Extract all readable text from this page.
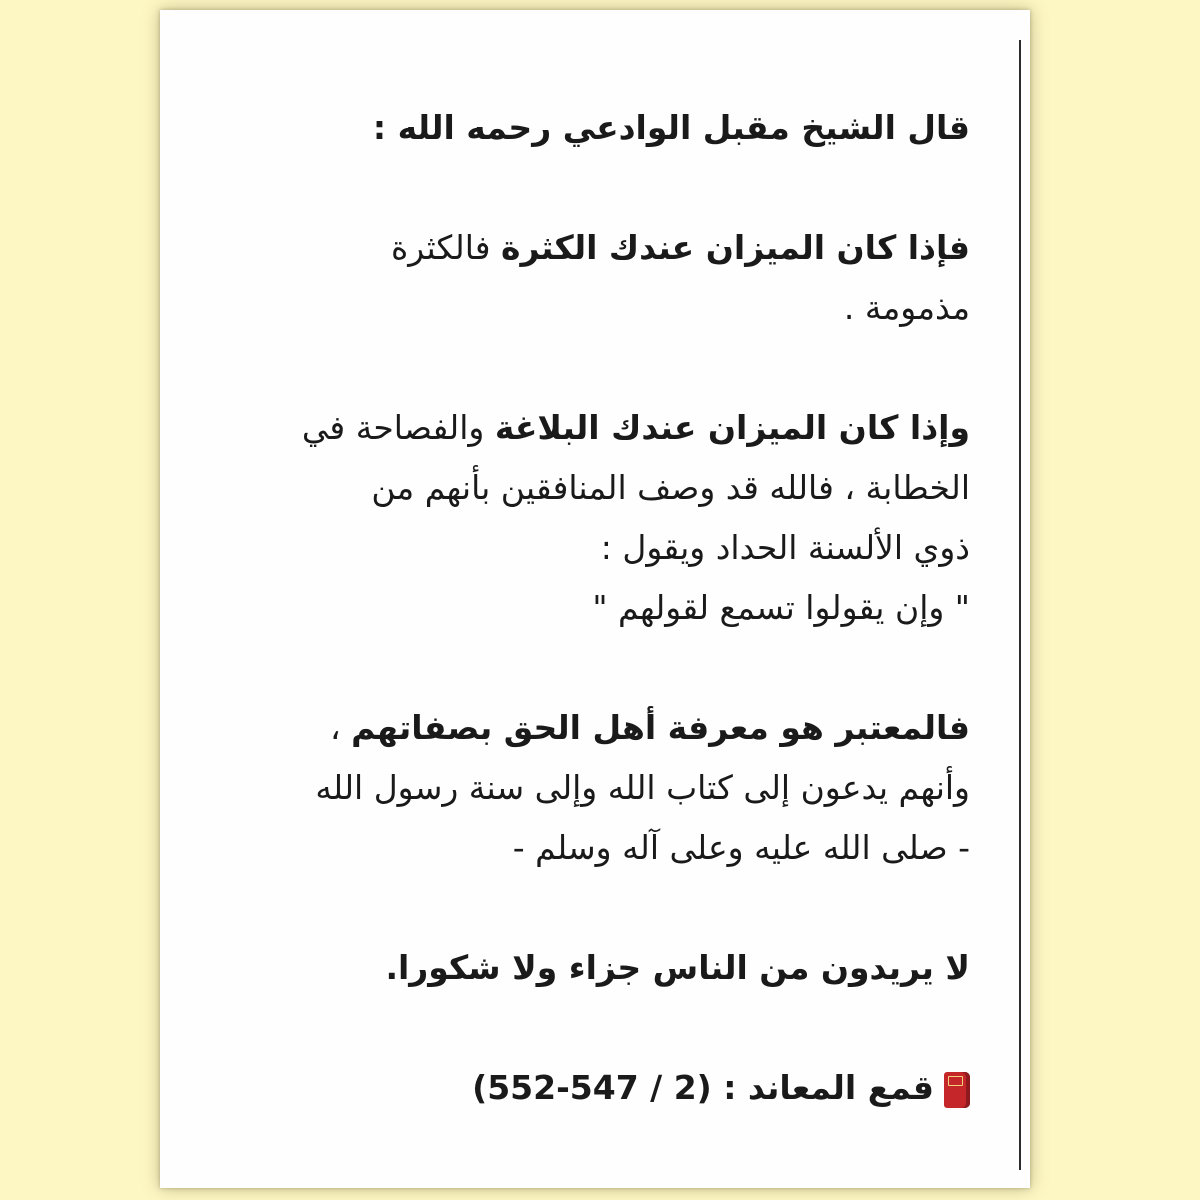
قال الشيخ مقبل الوادعي رحمه الله :
فإذا كان الميزان عندك الكثرة فالكثرة
مذمومة .
وإذا كان الميزان عندك البلاغة والفصاحة في
الخطابة ، فالله قد وصف المنافقين بأنهم من
ذوي الألسنة الحداد ويقول :
" وإن يقولوا تسمع لقولهم "
فالمعتبر هو معرفة أهل الحق بصفاتهم ،
وأنهم يدعون إلى كتاب الله وإلى سنة رسول الله
- صلى الله عليه وعلى آله وسلم -
لا يريدون من الناس جزاء ولا شكورا.
قمع المعاند : (2 / 547-552)
